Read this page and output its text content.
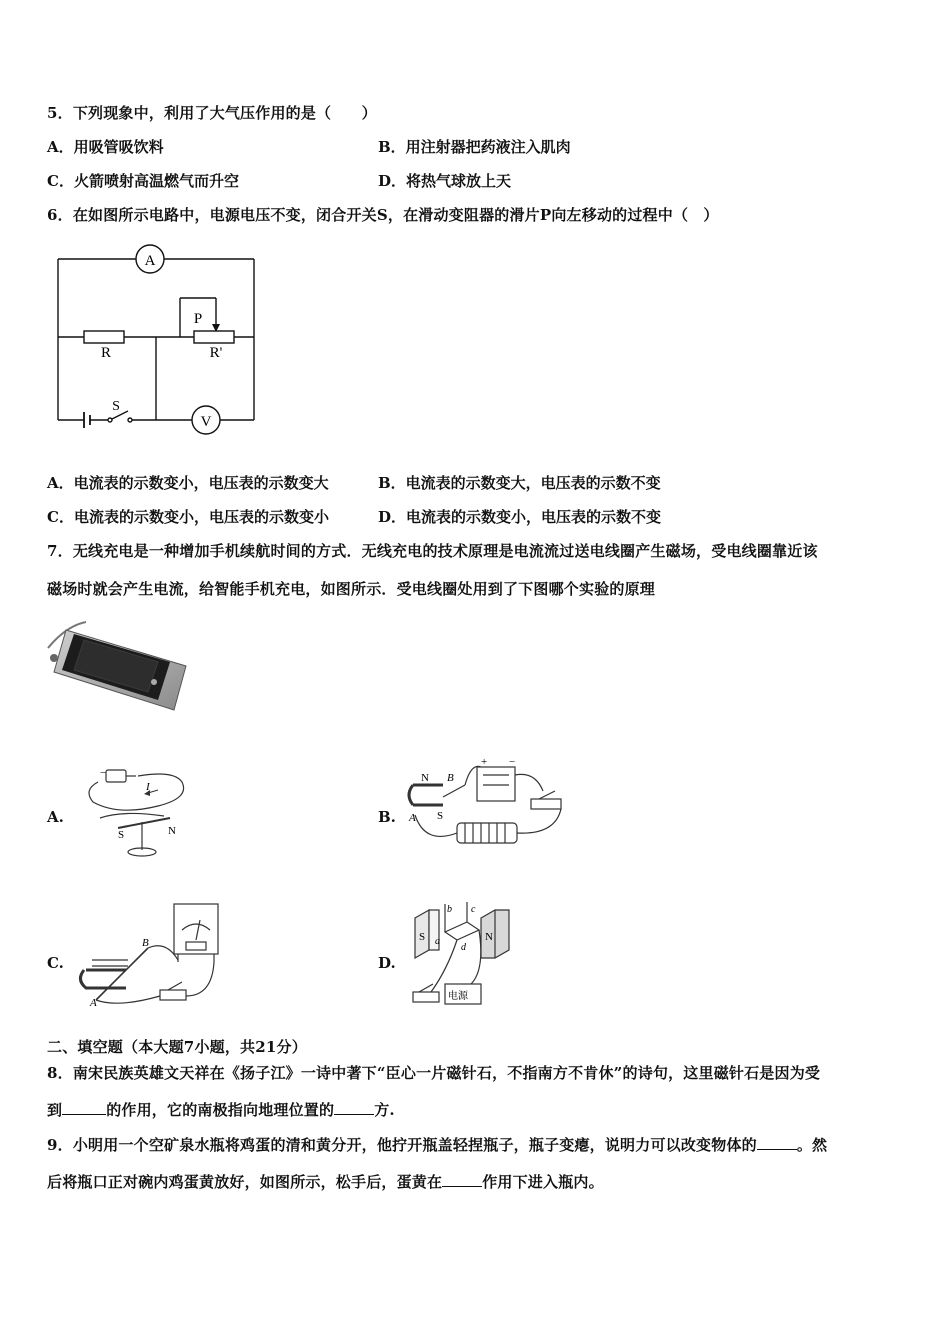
5．下列现象中，利用了大气压作用的是（　　）
A．用吸管吸饮料	B．用注射器把药液注入肌肉
C．火箭喷射高温燃气而升空	D．将热气球放上天
6．在如图所示电路中，电源电压不变，闭合开关S，在滑动变阻器的滑片P向左移动的过程中（　）
A
V
R	R'
P
S
A．电流表的示数变小，电压表的示数变大	B．电流表的示数变大，电压表的示数不变
C．电流表的示数变小，电压表的示数变小	D．电流表的示数变小，电压表的示数不变
7．无线充电是一种增加手机续航时间的方式．无线充电的技术原理是电流流过送电线圈产生磁场，受电线圈靠近该
磁场时就会产生电流，给智能手机充电，如图所示．受电线圈处用到了下图哪个实验的原理
A.
−
I
S	N
B.
N B
A S
+ −
C.
B
A
D.
S	N
a
b c
d
电源
二、填空题（本大题7小题，共21分）
8．南宋民族英雄文天祥在《扬子江》一诗中著下“臣心一片磁针石，不指南方不肯休”的诗句，这里磁针石是因为受
到	的作用，它的南极指向地理位置的	方.
9．小明用一个空矿泉水瓶将鸡蛋的清和黄分开，他拧开瓶盖轻捏瓶子，瓶子变瘪，说明力可以改变物体的	。然
后将瓶口正对碗内鸡蛋黄放好，如图所示，松手后，蛋黄在	作用下进入瓶内。
